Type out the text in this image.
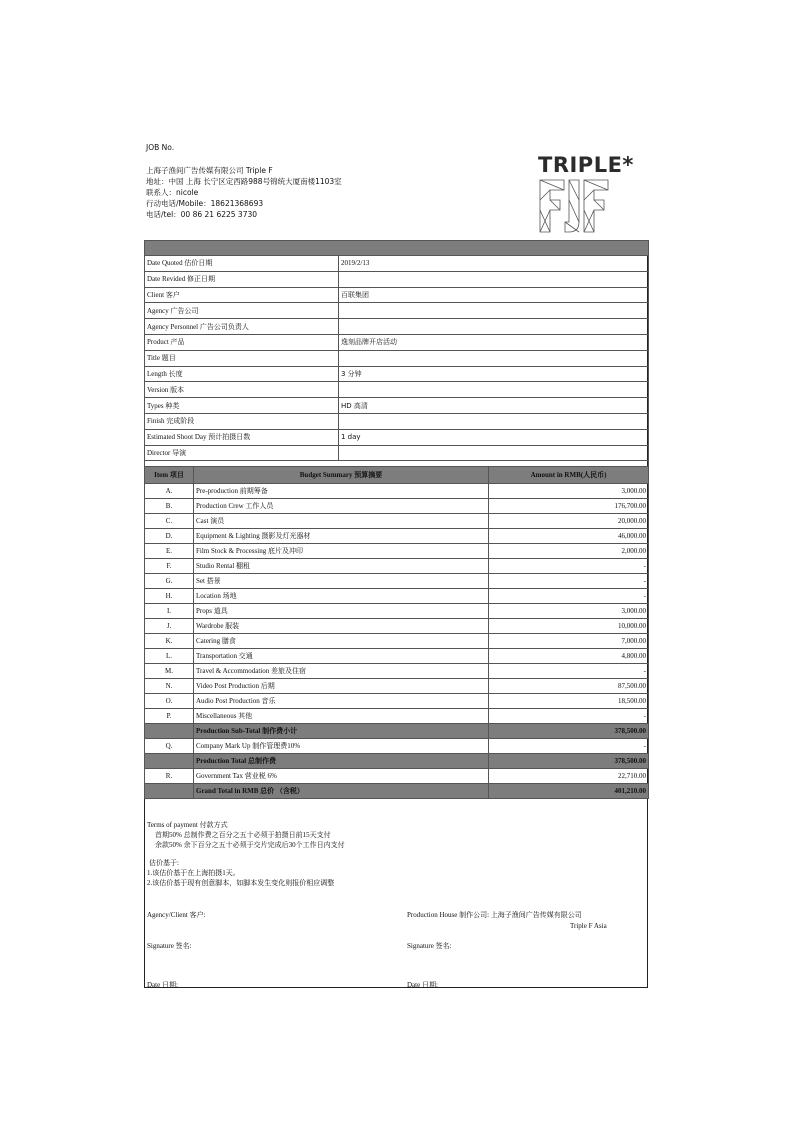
JOB No.
上海子渔间广告传媒有限公司 Triple F
地址：中国 上海 长宁区定西路988号锦统大厦南楼1103室
联系人：nicole
行动电话/Mobile：18621368693
电话/tel：00 86 21 6225 3730
TRIPLE*

Date Quoted 估价日期	2019/2/13
Date Revided 修正日期	
Client 客户	百联集团
Agency 广告公司	
Agency Personnel 广告公司负责人	
Product 产品	逸刻品牌开店活动
Title 题目	
Length 长度	3 分钟
Version 版本	
Types 种类	HD 高清
Finish 完成阶段	
Estimated Shoot Day 预计拍摄日数	1 day
Director 导演	

Item 项目	Budget Summary 预算摘要	Amount in RMB(人民币)
A.	Pre-production 前期筹备	3,000.00
B.	Production Crew 工作人员	176,700.00
C.	Cast 演员	20,000.00
D.	Equipment & Lighting 摄影及灯光器材	46,000.00
E.	Film Stock & Processing 底片及冲印	2,000.00
F.	Studio Rental 棚租	-
G.	Set 搭景	-
H.	Location 场地	-
I.	Props 道具	3,000.00
J.	Wardrobe 服装	10,000.00
K.	Catering 膳食	7,000.00
L.	Transportation 交通	4,800.00
M.	Travel & Accommodation 差旅及住宿	-
N.	Video Post Production 后期	87,500.00
O.	Audio Post Production 音乐	18,500.00
P.	Miscellaneous 其他	-
	Production Sub-Total 制作费小计	378,500.00
Q.	Company Mark Up 制作管理费10%	-
	Production Total 总制作费	378,500.00
R.	Government Tax 营业税 6%	22,710.00
	Grand Total in RMB 总价 （含税）	401,210.00
Terms of payment 付款方式
首期50% 总制作费之百分之五十必须于拍摄日前15天支付
余款50% 余下百分之五十必须于交片完成后30个工作日内支付
估价基于:
1.该估价基于在上海拍摄1天。
2.该估价基于现有创意脚本，如脚本发生变化则报价相应调整
Agency/Client 客户:	Production House 制作公司: 上海子渔间广告传媒有限公司
Triple F Asia
Signature 签名:	Signature 签名:
Date 日期:	Date 日期:
